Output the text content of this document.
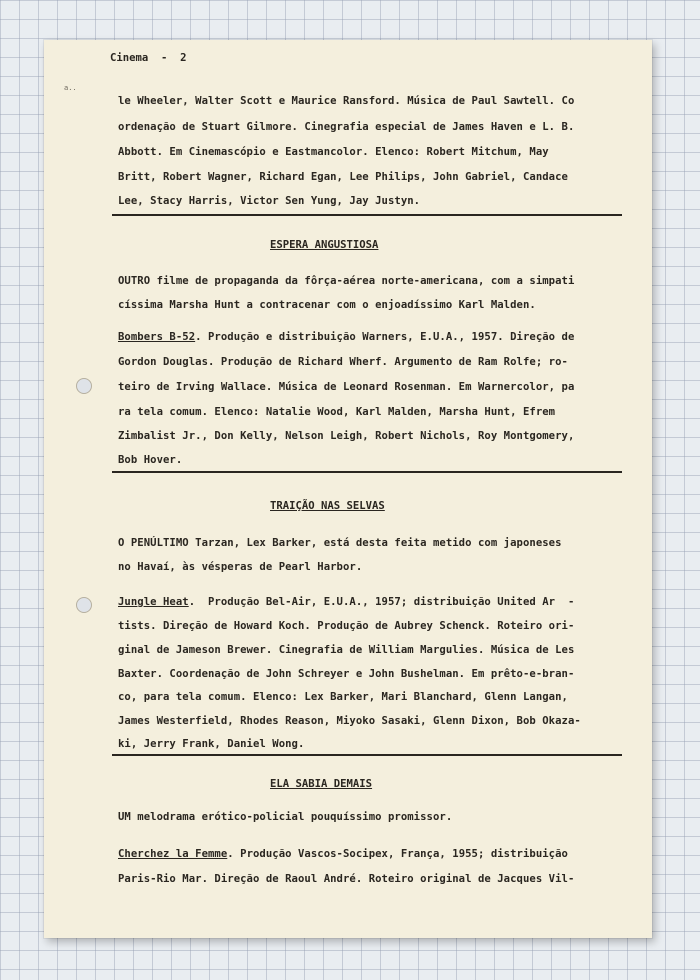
a..
Cinema  -  2

le Wheeler, Walter Scott e Maurice Ransford. Música de Paul Sawtell. Co

ordenação de Stuart Gilmore. Cinegrafia especial de James Haven e L. B.

Abbott. Em Cinemascópio e Eastmancolor. Elenco: Robert Mitchum, May

Britt, Robert Wagner, Richard Egan, Lee Philips, John Gabriel, Candace

Lee, Stacy Harris, Victor Sen Yung, Jay Justyn.

ESPERA ANGUSTIOSA

OUTRO filme de propaganda da fôrça-aérea norte-americana, com a simpati

císsima Marsha Hunt a contracenar com o enjoadíssimo Karl Malden.

Bombers B-52. Produção e distribuição Warners, E.U.A., 1957. Direção de

Gordon Douglas. Produção de Richard Wherf. Argumento de Ram Rolfe; ro-

teiro de Irving Wallace. Música de Leonard Rosenman. Em Warnercolor, pa

ra tela comum. Elenco: Natalie Wood, Karl Malden, Marsha Hunt, Efrem

Zimbalist Jr., Don Kelly, Nelson Leigh, Robert Nichols, Roy Montgomery,

Bob Hover.

TRAIÇÃO NAS SELVAS

O PENÚLTIMO Tarzan, Lex Barker, está desta feita metido com japoneses

no Havaí, às vésperas de Pearl Harbor.

Jungle Heat.  Produção Bel-Air, E.U.A., 1957; distribuição United Ar  -

tists. Direção de Howard Koch. Produção de Aubrey Schenck. Roteiro ori-

ginal de Jameson Brewer. Cinegrafia de William Margulies. Música de Les

Baxter. Coordenação de John Schreyer e John Bushelman. Em prêto-e-bran-

co, para tela comum. Elenco: Lex Barker, Mari Blanchard, Glenn Langan,

James Westerfield, Rhodes Reason, Miyoko Sasaki, Glenn Dixon, Bob Okaza-

ki, Jerry Frank, Daniel Wong.

ELA SABIA DEMAIS

UM melodrama erótico-policial pouquíssimo promissor.

Cherchez la Femme. Produção Vascos-Socipex, França, 1955; distribuição

Paris-Rio Mar. Direção de Raoul André. Roteiro original de Jacques Vil-
